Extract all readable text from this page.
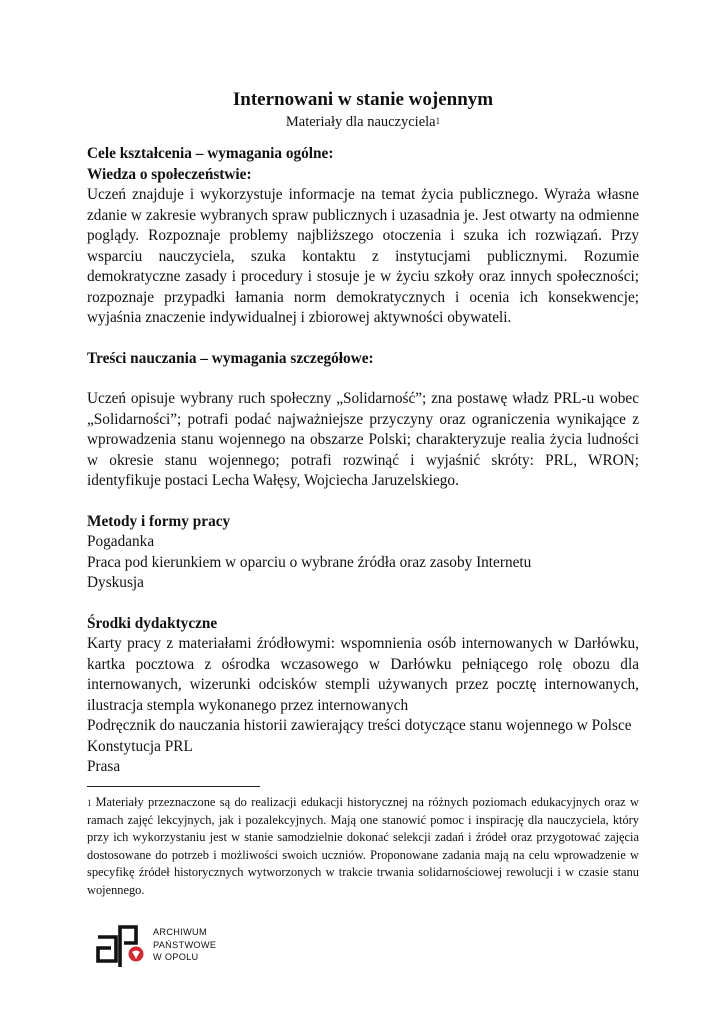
Internowani w stanie wojennym

Materiały dla nauczyciela$^1$

Cele kształcenia – wymagania ogólne:

Wiedza o społeczeństwie:

Uczeń znajduje i wykorzystuje informacje na temat życia publicznego. Wyraża własne zdanie w zakresie wybranych spraw publicznych i uzasadnia je. Jest otwarty na odmienne poglądy. Rozpoznaje problemy najbliższego otoczenia i szuka ich rozwiązań. Przy wsparciu nauczyciela, szuka kontaktu z instytucjami publicznymi. Rozumie demokratyczne zasady i procedury i stosuje je w życiu szkoły oraz innych społeczności; rozpoznaje przypadki łamania norm demokratycznych i ocenia ich konsekwencje; wyjaśnia znaczenie indywidualnej i zbiorowej aktywności obywateli.

Treści nauczania – wymagania szczegółowe:

Uczeń opisuje wybrany ruch społeczny „Solidarność”; zna postawę władz PRL-u wobec „Solidarności”; potrafi podać najważniejsze przyczyny oraz ograniczenia wynikające z wprowadzenia stanu wojennego na obszarze Polski; charakteryzuje realia życia ludności w okresie stanu wojennego; potrafi rozwinąć i wyjaśnić skróty: PRL, WRON; identyfikuje postaci Lecha Wałęsy, Wojciecha Jaruzelskiego.

Metody i formy pracy

Pogadanka

Praca pod kierunkiem w oparciu o wybrane źródła oraz zasoby Internetu

Dyskusja

Środki dydaktyczne

Karty pracy z materiałami źródłowymi: wspomnienia osób internowanych w Darłówku, kartka pocztowa z ośrodka wczasowego w Darłówku pełniącego rolę obozu dla internowanych, wizerunki odcisków stempli używanych przez pocztę internowanych, ilustracja stempla wykonanego przez internowanych

Podręcznik do nauczania historii zawierający treści dotyczące stanu wojennego w Polsce

Konstytucja PRL

Prasa

$^1$ Materiały przeznaczone są do realizacji edukacji historycznej na różnych poziomach edukacyjnych oraz w ramach zajęć lekcyjnych, jak i pozalekcyjnych. Mają one stanowić pomoc i inspirację dla nauczyciela, który przy ich wykorzystaniu jest w stanie samodzielnie dokonać selekcji zadań i źródeł oraz przygotować zajęcia dostosowane do potrzeb i możliwości swoich uczniów. Proponowane zadania mają na celu wprowadzenie w specyfikę źródeł historycznych wytworzonych w trakcie trwania solidarnościowej rewolucji i w czasie stanu wojennego.

ARCHIWUM
PAŃSTWOWE
W OPOLU
